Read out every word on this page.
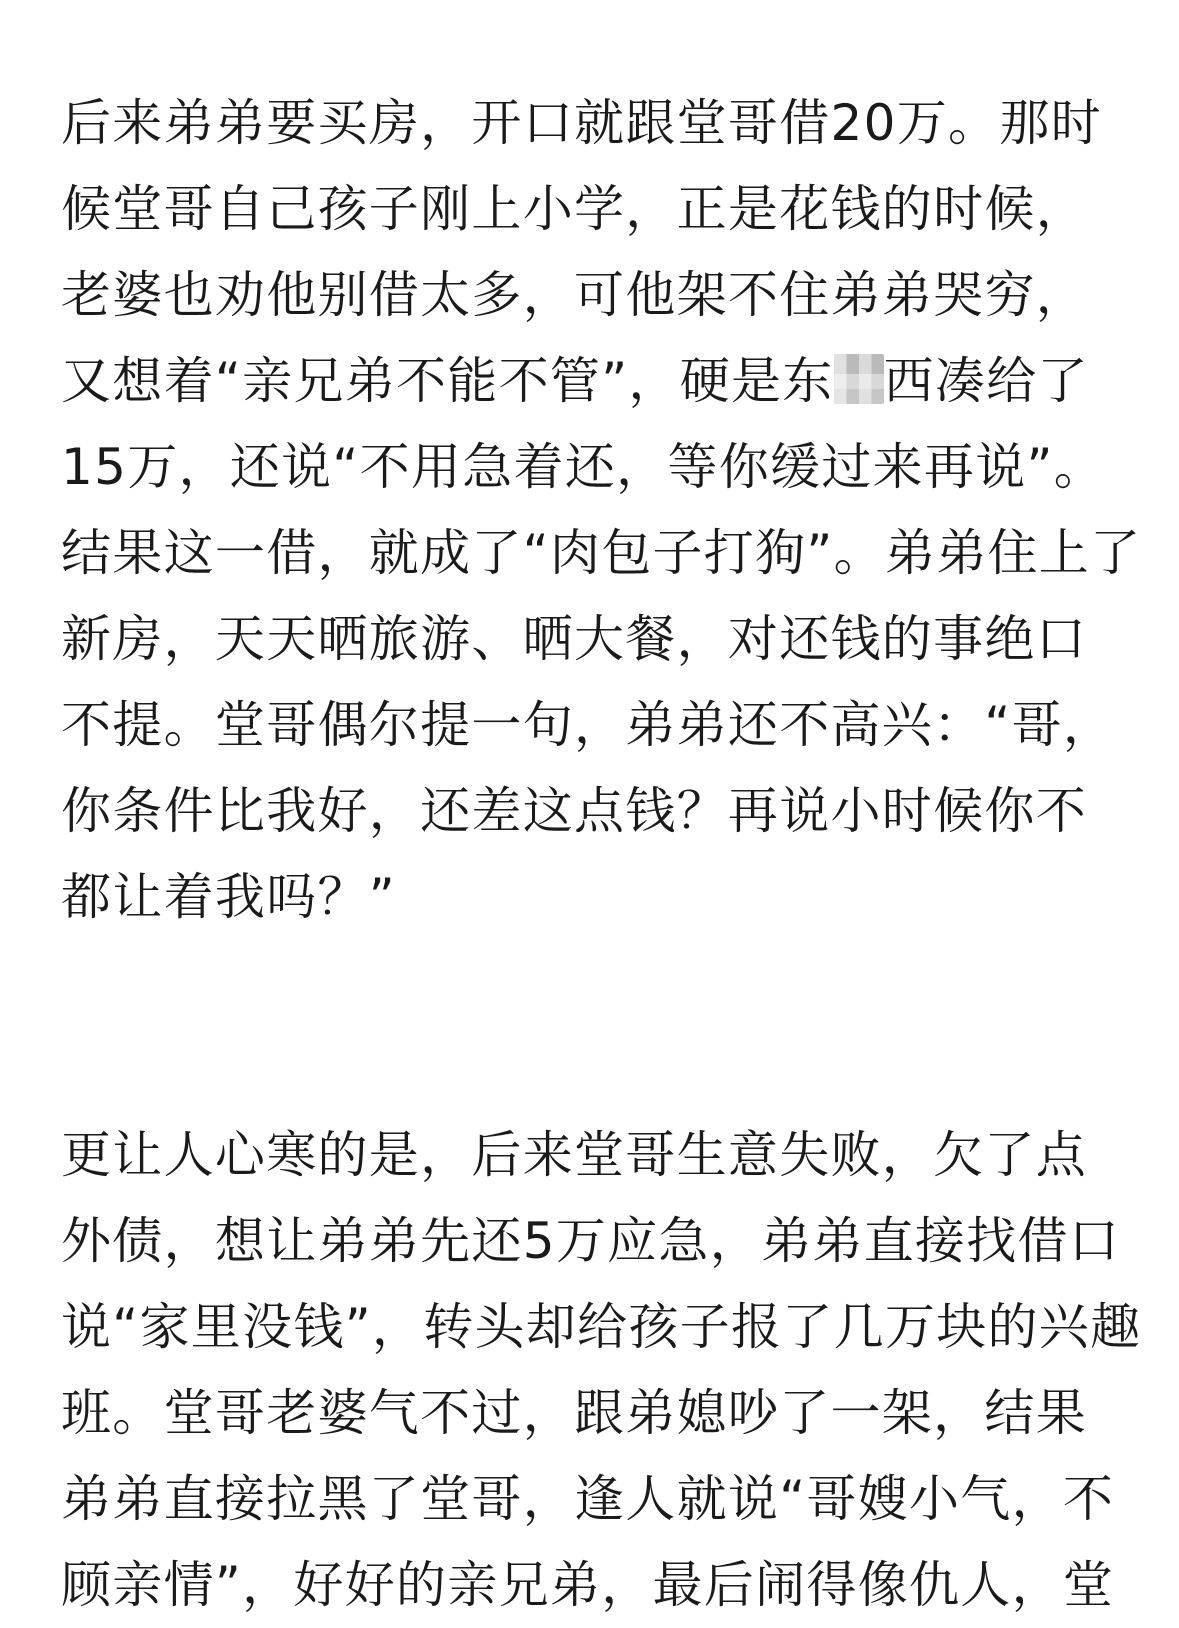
后来弟弟要买房，开口就跟堂哥借20万。那时
候堂哥自己孩子刚上小学，正是花钱的时候，
老婆也劝他别借太多，可他架不住弟弟哭穷，
又想着“亲兄弟不能不管”，硬是东 西凑给了
15万，还说“不用急着还，等你缓过来再说”。
结果这一借，就成了“肉包子打狗”。弟弟住上了
新房，天天晒旅游、晒大餐，对还钱的事绝口
不提。堂哥偶尔提一句，弟弟还不高兴：“哥，
你条件比我好，还差这点钱？再说小时候你不
都让着我吗？”
更让人心寒的是，后来堂哥生意失败，欠了点
外债，想让弟弟先还5万应急，弟弟直接找借口
说“家里没钱”，转头却给孩子报了几万块的兴趣
班。堂哥老婆气不过，跟弟媳吵了一架，结果
弟弟直接拉黑了堂哥，逢人就说“哥嫂小气，不
顾亲情”，好好的亲兄弟，最后闹得像仇人，堂
